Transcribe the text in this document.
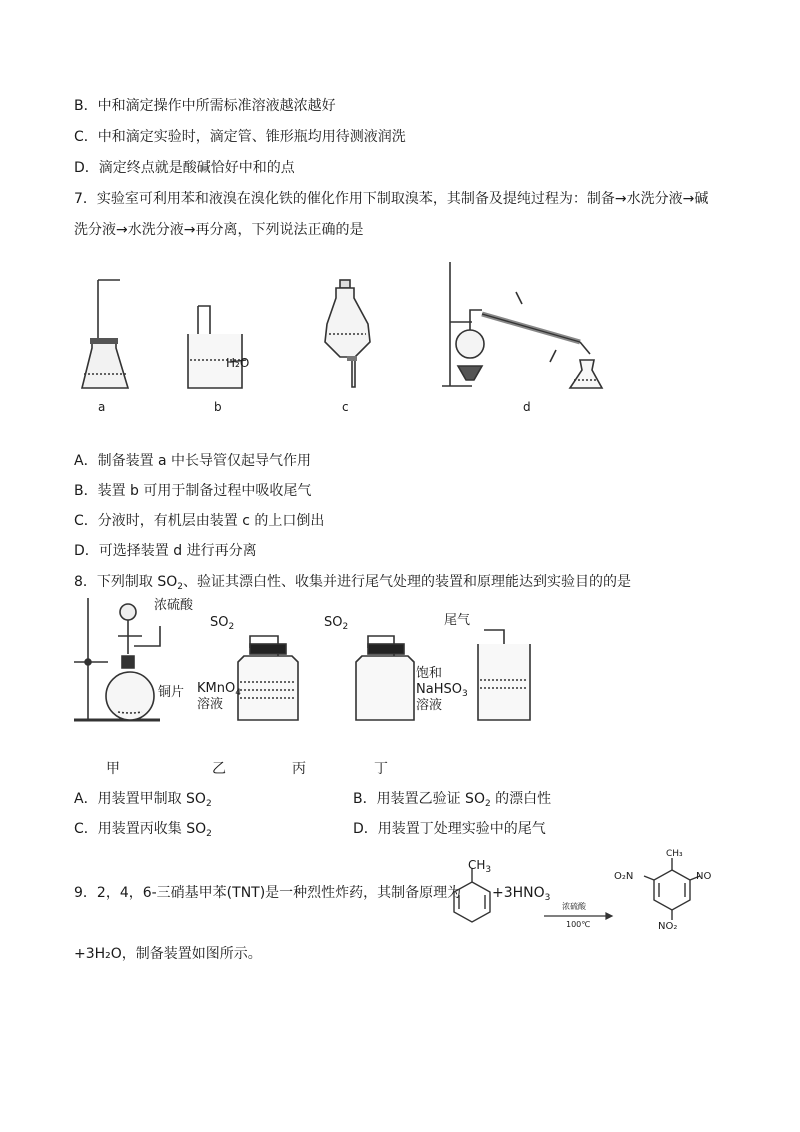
B．中和滴定操作中所需标准溶液越浓越好
C．中和滴定实验时，滴定管、锥形瓶均用待测液润洗
D．滴定终点就是酸碱恰好中和的点
7．实验室可利用苯和液溴在溴化铁的催化作用下制取溴苯，其制备及提纯过程为：制备→水洗分液→碱
洗分液→水洗分液→再分离，下列说法正确的是
a	b
H₂O
c	d
A．制备装置 a 中长导管仅起导气作用
B．装置 b 可用于制备过程中吸收尾气
C．分液时，有机层由装置 c 的上口倒出
D．可选择装置 d 进行再分离
8．下列制取 $SO_2$、验证其漂白性、收集并进行尾气处理的装置和原理能达到实验目的的是
浓硫酸
铜片
$SO_2$	$SO_2$
KMnO$_4$
溶液
尾气
饱和
NaHSO$_3$
溶液
甲	乙	丙	丁
A．用装置甲制取 $SO_2$	B．用装置乙验证 $SO_2$ 的漂白性
C．用装置丙收集 $SO_2$	D．用装置丁处理实验中的尾气
9．2，4，6-三硝基甲苯(TNT)是一种烈性炸药，其制备原理为
$CH_3$
$+3HNO_3$
浓硫酸
100℃
CH₃
O₂N	NO
NO₂
+3H₂O，制备装置如图所示。
